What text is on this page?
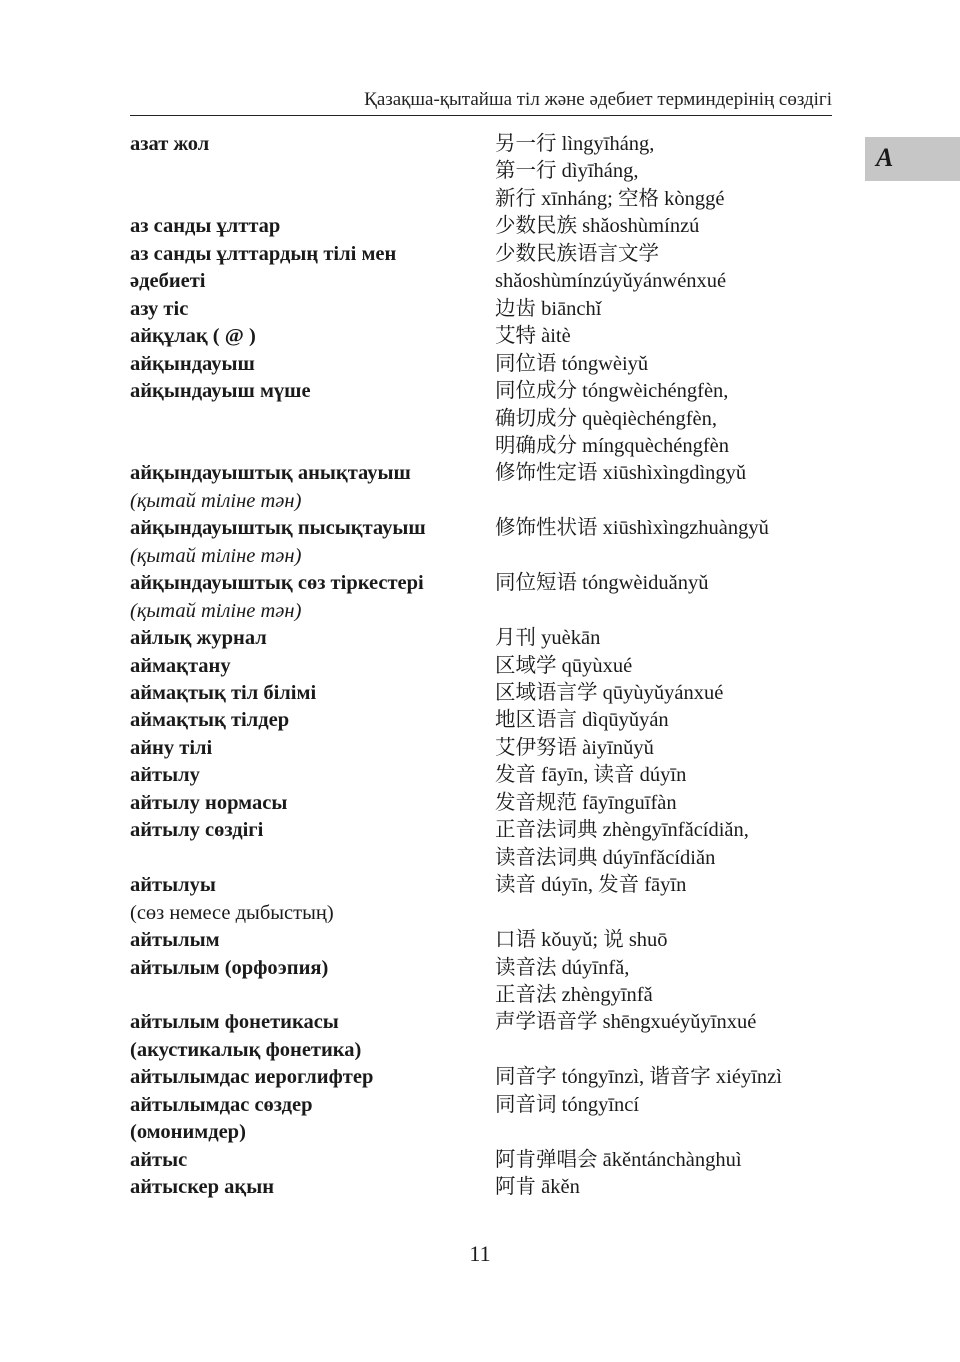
Қазақша-қытайша тіл және әдебиет терминдерінің сөздігі
A
азат жол	另一行 lìngyīháng,
第一行 dìyīháng,
新行 xīnháng; 空格 kònggé
аз санды ұлттар	少数民族 shǎoshùmínzú
аз санды ұлттардың тілі мен	少数民族语言文学
әдебиеті	shǎoshùmínzúyǔyánwénxué
азу тіс	边齿 biānchǐ
айқұлақ ( @ )	艾特 àitè
айқындауыш	同位语 tóngwèiyǔ
айқындауыш мүше	同位成分 tóngwèichéngfèn,
确切成分 quèqièchéngfèn,
明确成分 míngquèchéngfèn
айқындауыштық анықтауыш	修饰性定语 xiūshìxìngdìngyǔ
(қытай тіліне тән)
айқындауыштық пысықтауыш	修饰性状语 xiūshìxìngzhuàngyǔ
(қытай тіліне тән)
айқындауыштық сөз тіркестері	同位短语 tóngwèiduǎnyǔ
(қытай тіліне тән)
айлық журнал	月刊 yuèkān
аймақтану	区域学 qūyùxué
аймақтық тіл білімі	区域语言学 qūyùyǔyánxué
аймақтық тілдер	地区语言 dìqūyǔyán
айну тілі	艾伊努语 àiyīnǔyǔ
айтылу	发音 fāyīn, 读音 dúyīn
айтылу нормасы	发音规范 fāyīnguīfàn
айтылу сөздігі	正音法词典 zhèngyīnfǎcídiǎn,
读音法词典 dúyīnfǎcídiǎn
айтылуы	读音 dúyīn, 发音 fāyīn
(сөз немесе дыбыстың)
айтылым	口语 kǒuyǔ; 说 shuō
айтылым (орфоэпия)	读音法 dúyīnfǎ,
正音法 zhèngyīnfǎ
айтылым фонетикасы	声学语音学 shēngxuéyǔyīnxué
(акустикалық фонетика)
айтылымдас иероглифтер	同音字 tóngyīnzì, 谐音字 xiéyīnzì
айтылымдас сөздер	同音词 tóngyīncí
(омонимдер)
айтыс	阿肯弹唱会 ākěntánchànghuì
айтыскер ақын	阿肯 ākěn
11
